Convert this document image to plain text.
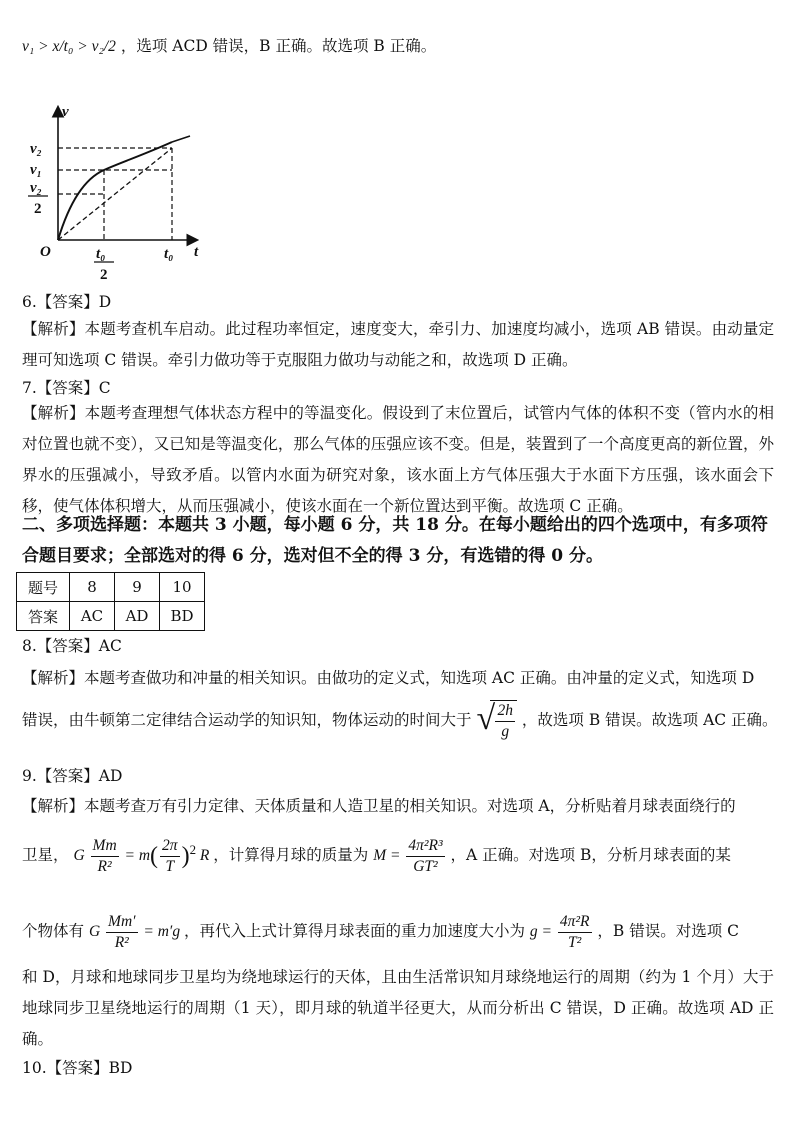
v₁ > x/t₀ > v₂/2 ，选项 ACD 错误，B 正确。故选项 B 正确。
v
t
O
v₂
v₁
v₂
2
t₀
2
t₀
6.【答案】D
【解析】本题考查机车启动。此过程功率恒定，速度变大，牵引力、加速度均减小，选项 AB 错误。由动量定理可知选项 C 错误。牵引力做功等于克服阻力做功与动能之和，故选项 D 正确。
7.【答案】C
【解析】本题考查理想气体状态方程中的等温变化。假设到了末位置后，试管内气体的体积不变（管内水的相对位置也就不变），又已知是等温变化，那么气体的压强应该不变。但是，装置到了一个高度更高的新位置，外界水的压强减小，导致矛盾。以管内水面为研究对象，该水面上方气体压强大于水面下方压强，该水面会下移，使气体体积增大，从而压强减小，使该水面在一个新位置达到平衡。故选项 C 正确。
二、多项选择题：本题共 3 小题，每小题 6 分，共 18 分。在每小题给出的四个选项中，有多项符合题目要求；全部选对的得 6 分，选对但不全的得 3 分，有选错的得 0 分。
题号	8	9	10
答案	AC	AD	BD
8.【答案】AC
【解析】本题考查做功和冲量的相关知识。由做功的定义式，知选项 AC 正确。由冲量的定义式，知选项 D
错误，由牛顿第二定律结合运动学的知识知，物体运动的时间大于 √ $\frac{2h}{g}$ ，故选项 B 错误。故选项 AC 正确。
9.【答案】AD
【解析】本题考查万有引力定律、天体质量和人造卫星的相关知识。对选项 A，分析贴着月球表面绕行的
卫星， G $\frac{Mm}{\text{R²}} = m( \frac{2\pi}{T} )^2$ R ，计算得月球的质量为 $M = \frac{\text{4π²R³}}{\text{GT²}}$ ，A 正确。对选项 B，分析月球表面的某
个物体有 G $\frac{Mm'}{\text{R²}} = m'g$ ，再代入上式计算得月球表面的重力加速度大小为 $g = \frac{\text{4π²R}}{\text{T²}}$ ，B 错误。对选项 C
和 D，月球和地球同步卫星均为绕地球运行的天体，且由生活常识知月球绕地运行的周期（约为 1 个月）大于地球同步卫星绕地运行的周期（1 天），即月球的轨道半径更大，从而分析出 C 错误，D 正确。故选项 AD 正确。
10.【答案】BD
